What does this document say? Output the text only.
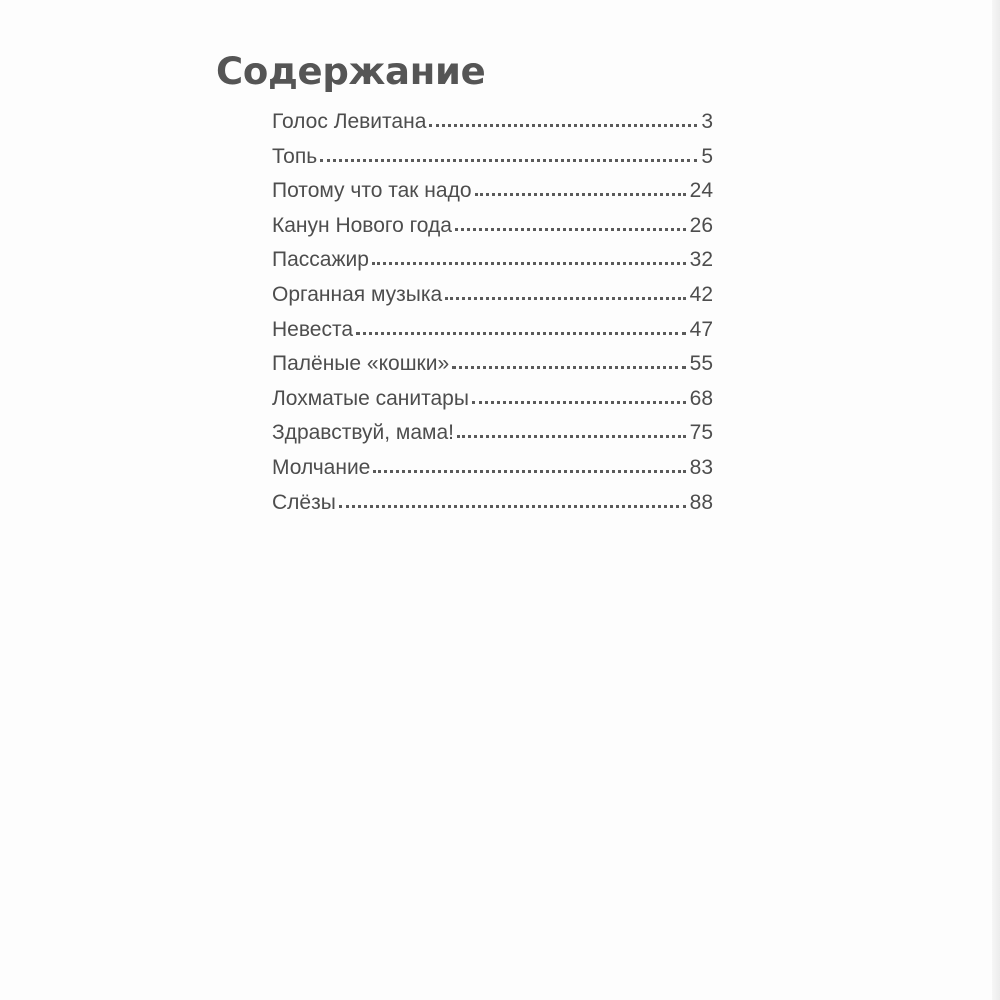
Содержание
Голос Левитана	3
Топь	5
Потому что так надо	24
Канун Нового года	26
Пассажир	32
Органная музыка	42
Невеста	47
Палёные «кошки»	55
Лохматые санитары	68
Здравствуй, мама!	75
Молчание	83
Слёзы	88
